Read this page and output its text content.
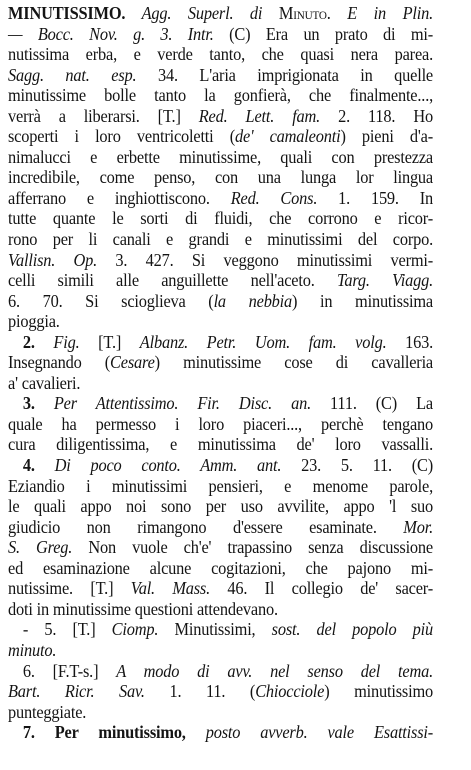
MINUTISSIMO. Agg. Superl. di Minuto. E in Plin.
— Bocc. Nov. g. 3. Intr. (C) Era un prato di mi-
nutissima erba, e verde tanto, che quasi nera parea.
Sagg. nat. esp. 34. L'aria imprigionata in quelle
minutissime bolle tanto la gonfierà, che finalmente...,
verrà a liberarsi. [T.] Red. Lett. fam. 2. 118. Ho
scoperti i loro ventricoletti (de' camaleonti) pieni d'a-
nimalucci e erbette minutissime, quali con prestezza
incredibile, come penso, con una lunga lor lingua
afferrano e inghiottiscono. Red. Cons. 1. 159. In
tutte quante le sorti di fluidi, che corrono e ricor-
rono per li canali e grandi e minutissimi del corpo.
Vallisn. Op. 3. 427. Si veggono minutissimi vermi-
celli simili alle anguillette nell'aceto. Targ. Viagg.
6. 70. Si scioglieva (la nebbia) in minutissima
pioggia.
2. Fig. [T.] Albanz. Petr. Uom. fam. volg. 163.
Insegnando (Cesare) minutissime cose di cavalleria
a' cavalieri.
3. Per Attentissimo. Fir. Disc. an. 111. (C) La
quale ha permesso i loro piaceri..., perchè tengano
cura diligentissima, e minutissima de' loro vassalli.
4. Di poco conto. Amm. ant. 23. 5. 11. (C)
Eziandio i minutissimi pensieri, e menome parole,
le quali appo noi sono per uso avvilite, appo 'l suo
giudicio non rimangono d'essere esaminate. Mor.
S. Greg. Non vuole ch'e' trapassino senza discussione
ed esaminazione alcune cogitazioni, che pajono mi-
nutissime. [T.] Val. Mass. 46. Il collegio de' sacer-
doti in minutissime questioni attendevano.
- 5. [T.] Ciomp. Minutissimi, sost. del popolo più
minuto.
6. [F.T-s.] A modo di avv. nel senso del tema.
Bart. Ricr. Sav. 1. 11. (Chiocciole) minutissimo
punteggiate.
7. Per minutissimo, posto avverb. vale Esattissi-
